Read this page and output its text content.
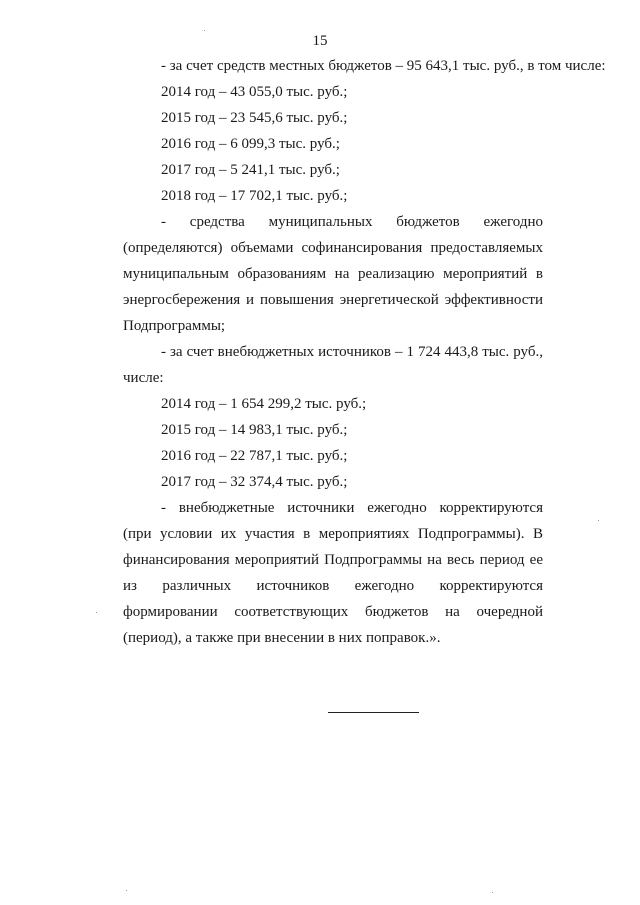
15
- за счет средств местных бюджетов – 95 643,1 тыс. руб., в том числе:
2014 год – 43 055,0 тыс. руб.;
2015 год – 23 545,6 тыс. руб.;
2016 год – 6 099,3 тыс. руб.;
2017 год – 5 241,1 тыс. руб.;
2018 год – 17 702,1 тыс. руб.;
- средства муниципальных бюджетов ежегодно
(определяются) объемами софинансирования предоставляемых
муниципальным образованиям на реализацию мероприятий в
энергосбережения и повышения энергетической эффективности
Подпрограммы;
- за счет внебюджетных источников – 1 724 443,8 тыс. руб.,
числе:
2014 год – 1 654 299,2 тыс. руб.;
2015 год – 14 983,1 тыс. руб.;
2016 год – 22 787,1 тыс. руб.;
2017 год – 32 374,4 тыс. руб.;
- внебюджетные источники ежегодно корректируются
(при условии их участия в мероприятиях Подпрограммы). В
финансирования мероприятий Подпрограммы на весь период ее
из различных источников ежегодно корректируются
формировании соответствующих бюджетов на очередной
(период), а также при внесении в них поправок.».
